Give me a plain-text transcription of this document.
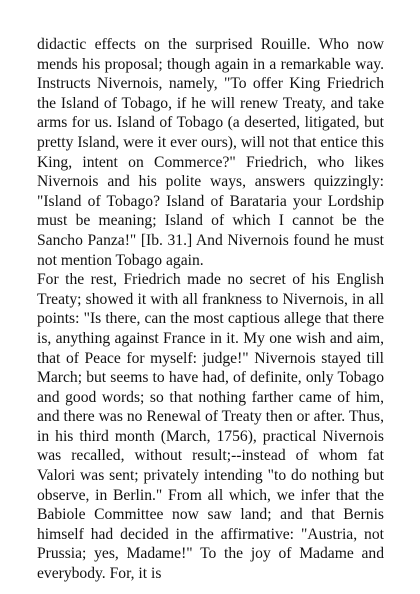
didactic effects on the surprised Rouille. Who now mends his proposal; though again in a remarkable way. Instructs Nivernois, namely, "To offer King Friedrich the Island of Tobago, if he will renew Treaty, and take arms for us. Island of Tobago (a deserted, litigated, but pretty Island, were it ever ours), will not that entice this King, intent on Commerce?" Friedrich, who likes Nivernois and his polite ways, answers quizzingly: "Island of Tobago? Island of Barataria your Lordship must be meaning; Island of which I cannot be the Sancho Panza!" [Ib. 31.] And Nivernois found he must not mention Tobago again.

For the rest, Friedrich made no secret of his English Treaty; showed it with all frankness to Nivernois, in all points: "Is there, can the most captious allege that there is, anything against France in it. My one wish and aim, that of Peace for myself: judge!" Nivernois stayed till March; but seems to have had, of definite, only Tobago and good words; so that nothing farther came of him, and there was no Renewal of Treaty then or after. Thus, in his third month (March, 1756), practical Nivernois was recalled, without result;--instead of whom fat Valori was sent; privately intending "to do nothing but observe, in Berlin." From all which, we infer that the Babiole Committee now saw land; and that Bernis himself had decided in the affirmative: "Austria, not Prussia; yes, Madame!" To the joy of Madame and everybody. For, it is
